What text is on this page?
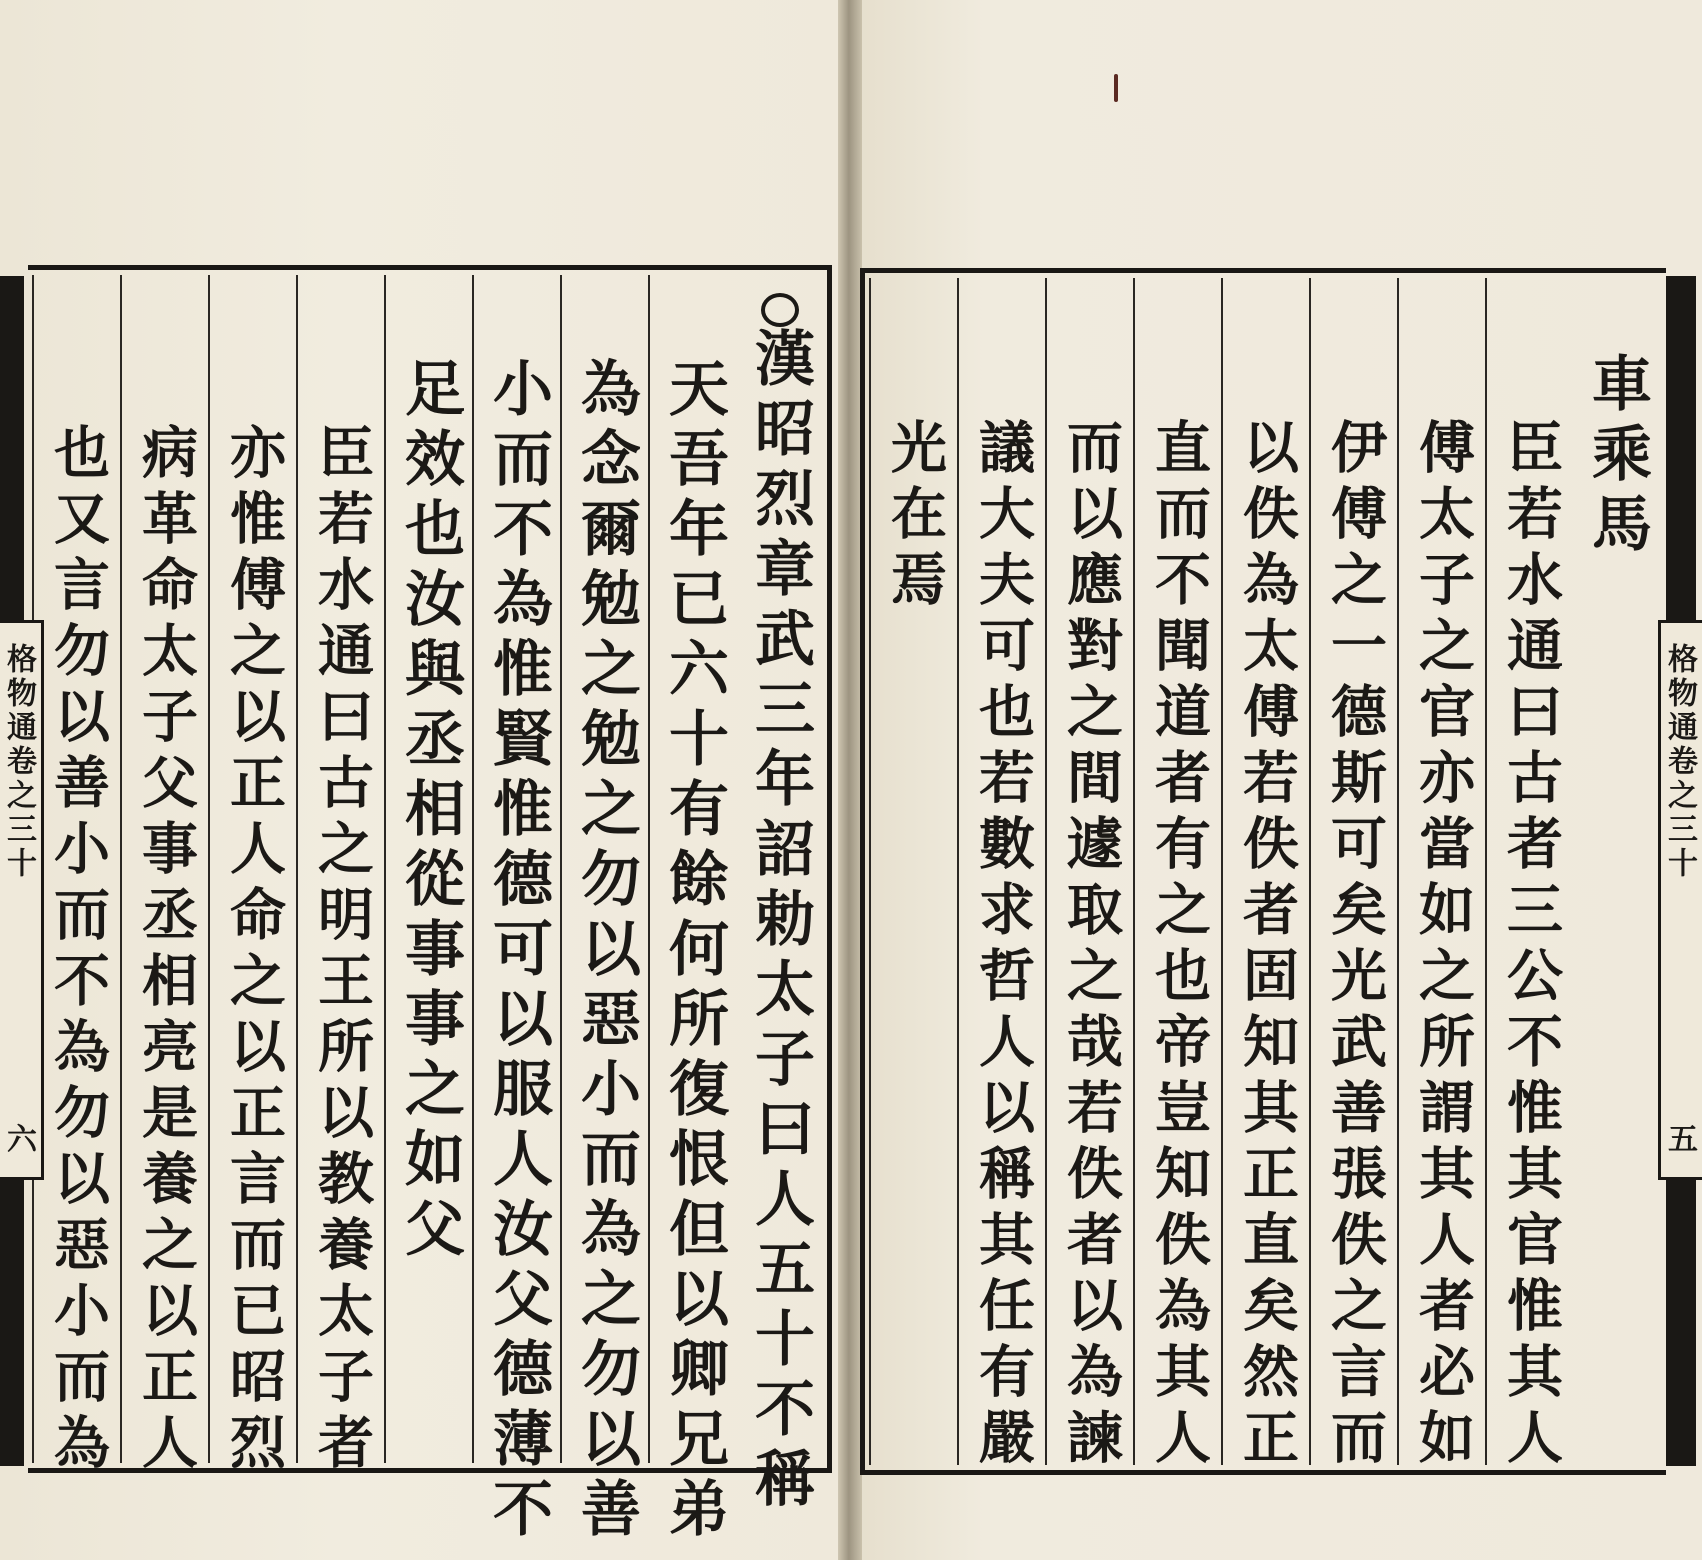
漢昭烈章武三年詔勅太子曰人五十不稱
天吾年已六十有餘何所復恨但以卿兄弟
為念爾勉之勉之勿以惡小而為之勿以善
小而不為惟賢惟德可以服人汝父德薄不
足效也汝與丞相從事事之如父
臣若水通曰古之明王所以教養太子者
亦惟傅之以正人命之以正言而已昭烈
病革命太子父事丞相亮是養之以正人
也又言勿以善小而不為勿以惡小而為	車乘馬
臣若水通曰古者三公不惟其官惟其人
傅太子之官亦當如之所謂其人者必如
伊傅之一德斯可矣光武善張佚之言而
以佚為太傅若佚者固知其正直矣然正
直而不聞道者有之也帝豈知佚為其人
而以應對之間遽取之哉若佚者以為諫
議大夫可也若數求哲人以稱其任有嚴
光在焉
格物通卷之三十
六
格物通卷之三十
五
